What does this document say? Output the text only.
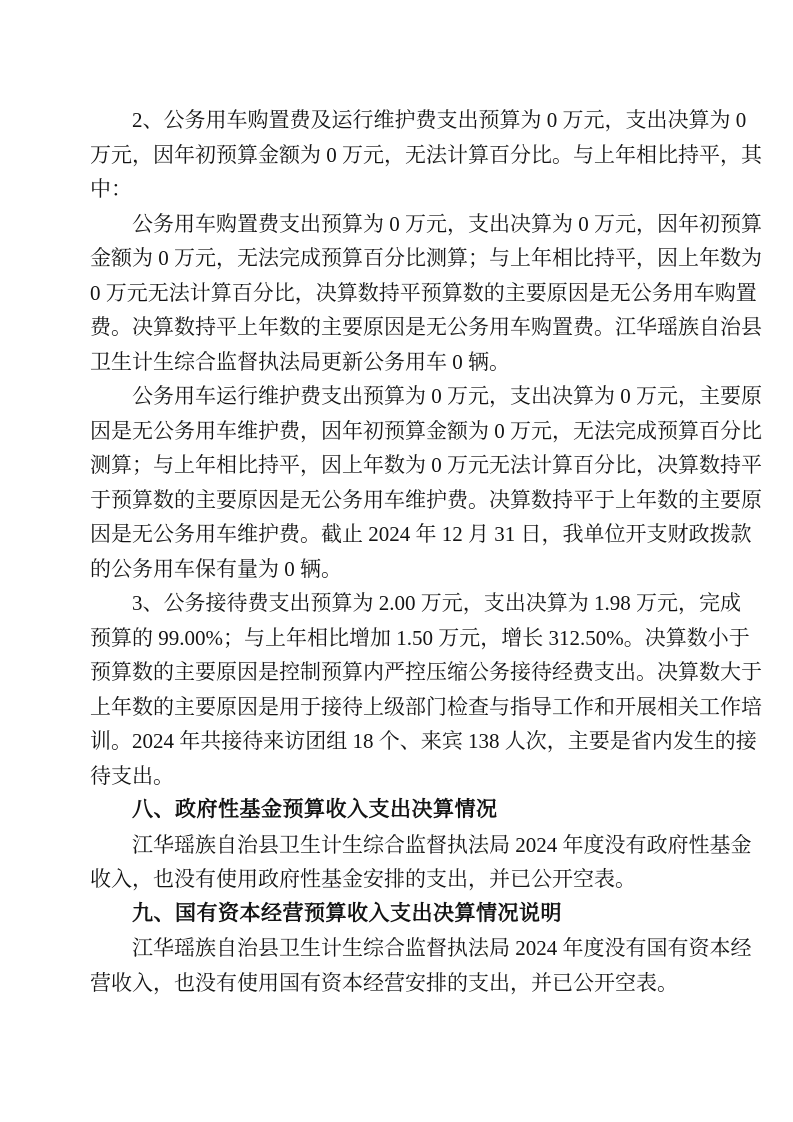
2、公务用车购置费及运行维护费支出预算为 0 万元，支出决算为 0
万元，因年初预算金额为 0 万元，无法计算百分比。与上年相比持平，其
中：
公务用车购置费支出预算为 0 万元，支出决算为 0 万元，因年初预算
金额为 0 万元，无法完成预算百分比测算；与上年相比持平，因上年数为
0 万元无法计算百分比，决算数持平预算数的主要原因是无公务用车购置
费。决算数持平上年数的主要原因是无公务用车购置费。江华瑶族自治县
卫生计生综合监督执法局更新公务用车 0 辆。
公务用车运行维护费支出预算为 0 万元，支出决算为 0 万元，主要原
因是无公务用车维护费，因年初预算金额为 0 万元，无法完成预算百分比
测算；与上年相比持平，因上年数为 0 万元无法计算百分比，决算数持平
于预算数的主要原因是无公务用车维护费。决算数持平于上年数的主要原
因是无公务用车维护费。截止 2024 年 12 月 31 日，我单位开支财政拨款
的公务用车保有量为 0 辆。
3、公务接待费支出预算为 2.00 万元，支出决算为 1.98 万元，完成
预算的 99.00%；与上年相比增加 1.50 万元，增长 312.50%。决算数小于
预算数的主要原因是控制预算内严控压缩公务接待经费支出。决算数大于
上年数的主要原因是用于接待上级部门检查与指导工作和开展相关工作培
训。2024 年共接待来访团组 18 个、来宾 138 人次，主要是省内发生的接
待支出。
八、政府性基金预算收入支出决算情况
江华瑶族自治县卫生计生综合监督执法局 2024 年度没有政府性基金
收入，也没有使用政府性基金安排的支出，并已公开空表。
九、国有资本经营预算收入支出决算情况说明
江华瑶族自治县卫生计生综合监督执法局 2024 年度没有国有资本经
营收入，也没有使用国有资本经营安排的支出，并已公开空表。
